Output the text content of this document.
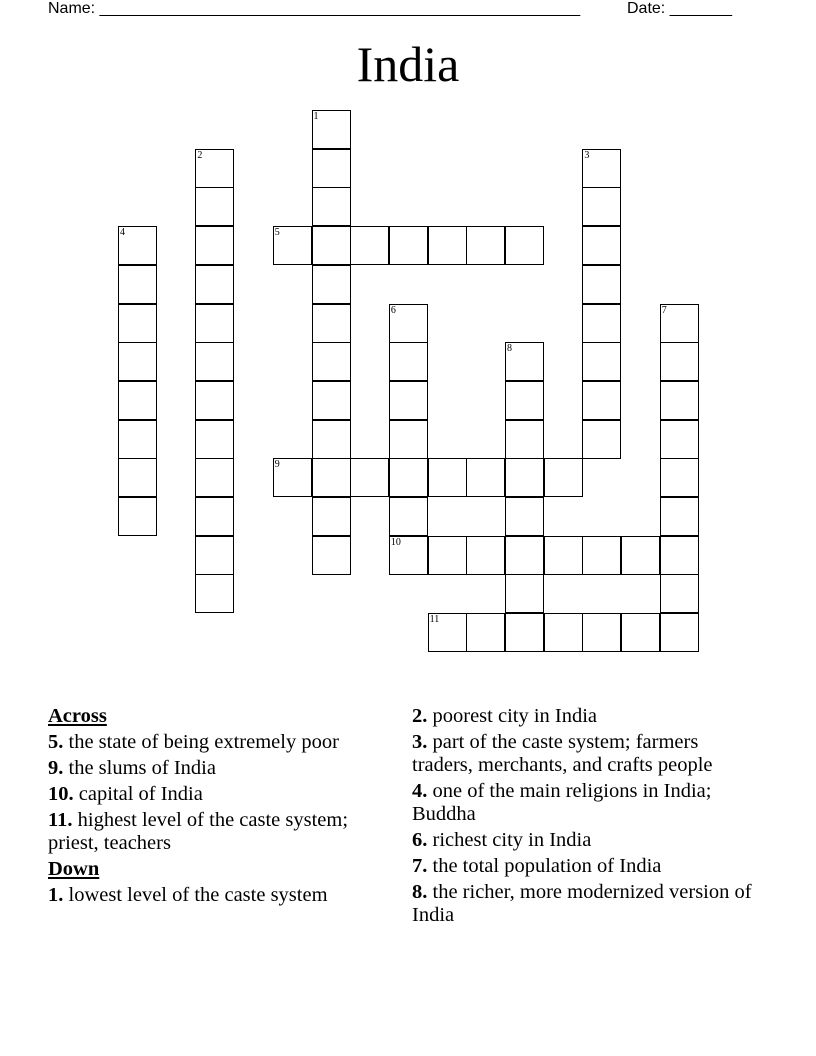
Name: ______________________________________________________	Date: _______
India
1
2	3
4	5
6	7
8
9
10
11
Across
5. the state of being extremely poor
9. the slums of India
10. capital of India
11. highest level of the caste system; priest, teachers
Down
1. lowest level of the caste system
2. poorest city in India
3. part of the caste system; farmers traders, merchants, and crafts people
4. one of the main religions in India; Buddha
6. richest city in India
7. the total population of India
8. the richer, more modernized version of India
